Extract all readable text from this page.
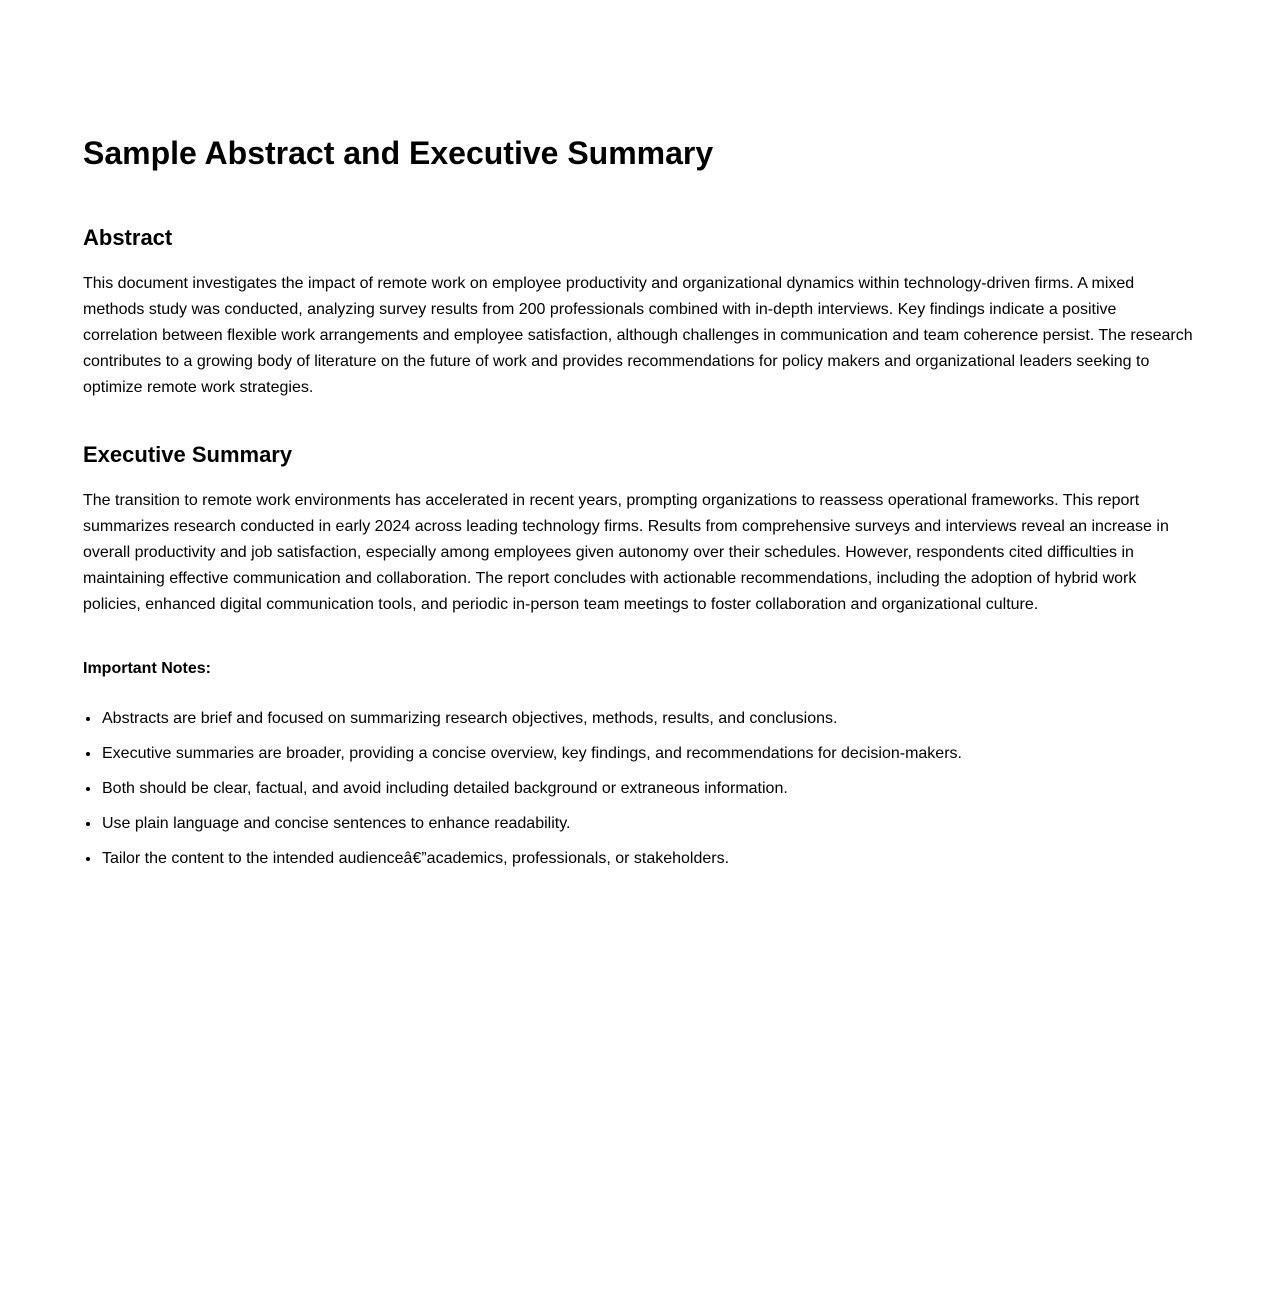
Sample Abstract and Executive Summary
Abstract

This document investigates the impact of remote work on employee productivity and organizational dynamics within technology-driven firms. A mixed methods study was conducted, analyzing survey results from 200 professionals combined with in-depth interviews. Key findings indicate a positive correlation between flexible work arrangements and employee satisfaction, although challenges in communication and team coherence persist. The research contributes to a growing body of literature on the future of work and provides recommendations for policy makers and organizational leaders seeking to optimize remote work strategies.

Executive Summary

The transition to remote work environments has accelerated in recent years, prompting organizations to reassess operational frameworks. This report summarizes research conducted in early 2024 across leading technology firms. Results from comprehensive surveys and interviews reveal an increase in overall productivity and job satisfaction, especially among employees given autonomy over their schedules. However, respondents cited difficulties in maintaining effective communication and collaboration. The report concludes with actionable recommendations, including the adoption of hybrid work policies, enhanced digital communication tools, and periodic in-person team meetings to foster collaboration and organizational culture.

Important Notes:

• Abstracts are brief and focused on summarizing research objectives, methods, results, and conclusions.
• Executive summaries are broader, providing a concise overview, key findings, and recommendations for decision-makers.
• Both should be clear, factual, and avoid including detailed background or extraneous information.
• Use plain language and concise sentences to enhance readability.
• Tailor the content to the intended audienceâ€”academics, professionals, or stakeholders.
